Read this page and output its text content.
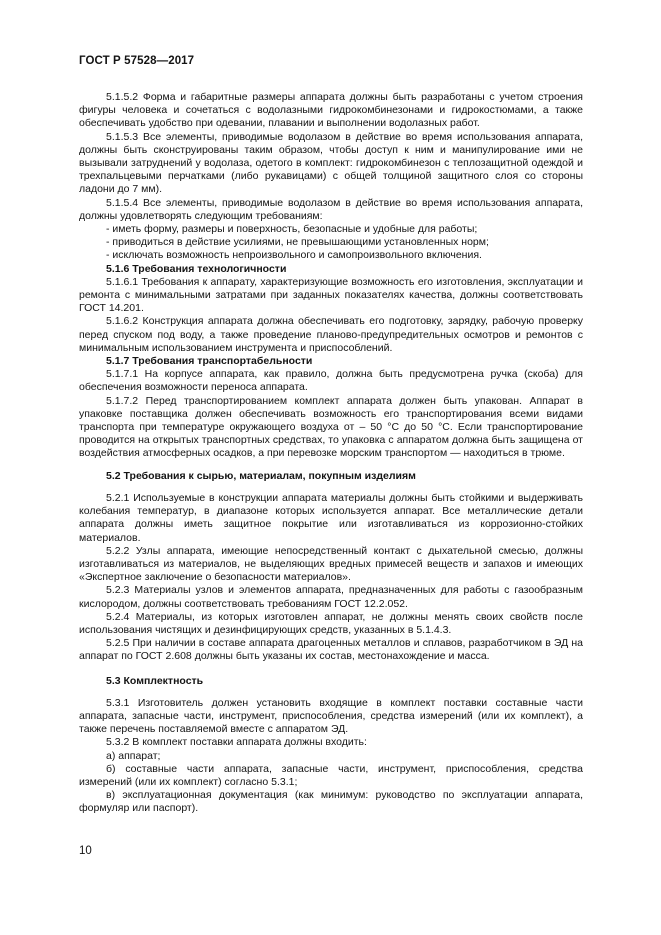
ГОСТ Р 57528—2017

5.1.5.2 Форма и габаритные размеры аппарата должны быть разработаны с учетом строения фигуры человека и сочетаться с водолазными гидрокомбинезонами и гидрокостюмами, а также обеспечивать удобство при одевании, плавании и выполнении водолазных работ.

5.1.5.3 Все элементы, приводимые водолазом в действие во время использования аппарата, должны быть сконструированы таким образом, чтобы доступ к ним и манипулирование ими не вызывали затруднений у водолаза, одетого в комплект: гидрокомбинезон с теплозащитной одеждой и трехпальцевыми перчатками (либо рукавицами) с общей толщиной защитного слоя со стороны ладони до 7 мм).

5.1.5.4 Все элементы, приводимые водолазом в действие во время использования аппарата, должны удовлетворять следующим требованиям:

- иметь форму, размеры и поверхность, безопасные и удобные для работы;

- приводиться в действие усилиями, не превышающими установленных норм;

- исключать возможность непроизвольного и самопроизвольного включения.

5.1.6 Требования технологичности

5.1.6.1 Требования к аппарату, характеризующие возможность его изготовления, эксплуатации и ремонта с минимальными затратами при заданных показателях качества, должны соответствовать ГОСТ 14.201.

5.1.6.2 Конструкция аппарата должна обеспечивать его подготовку, зарядку, рабочую проверку перед спуском под воду, а также проведение планово-предупредительных осмотров и ремонтов с минимальным использованием инструмента и приспособлений.

5.1.7 Требования транспортабельности

5.1.7.1 На корпусе аппарата, как правило, должна быть предусмотрена ручка (скоба) для обеспечения возможности переноса аппарата.

5.1.7.2 Перед транспортированием комплект аппарата должен быть упакован. Аппарат в упаковке поставщика должен обеспечивать возможность его транспортирования всеми видами транспорта при температуре окружающего воздуха от – 50 °С до 50 °С. Если транспортирование проводится на открытых транспортных средствах, то упаковка с аппаратом должна быть защищена от воздействия атмосферных осадков, а при перевозке морским транспортом — находиться в трюме.

5.2 Требования к сырью, материалам, покупным изделиям

5.2.1 Используемые в конструкции аппарата материалы должны быть стойкими и выдерживать колебания температур, в диапазоне которых используется аппарат. Все металлические детали аппарата должны иметь защитное покрытие или изготавливаться из коррозионно-стойких материалов.

5.2.2 Узлы аппарата, имеющие непосредственный контакт с дыхательной смесью, должны изготавливаться из материалов, не выделяющих вредных примесей веществ и запахов и имеющих «Экспертное заключение о безопасности материалов».

5.2.3 Материалы узлов и элементов аппарата, предназначенных для работы с газообразным кислородом, должны соответствовать требованиям ГОСТ 12.2.052.

5.2.4 Материалы, из которых изготовлен аппарат, не должны менять своих свойств после использования чистящих и дезинфицирующих средств, указанных в 5.1.4.3.

5.2.5 При наличии в составе аппарата драгоценных металлов и сплавов, разработчиком в ЭД на аппарат по ГОСТ 2.608 должны быть указаны их состав, местонахождение и масса.

5.3 Комплектность

5.3.1 Изготовитель должен установить входящие в комплект поставки составные части аппарата, запасные части, инструмент, приспособления, средства измерений (или их комплект), а также перечень поставляемой вместе с аппаратом ЭД.

5.3.2 В комплект поставки аппарата должны входить:

а) аппарат;

б) составные части аппарата, запасные части, инструмент, приспособления, средства измерений (или их комплект) согласно 5.3.1;

в) эксплуатационная документация (как минимум: руководство по эксплуатации аппарата, формуляр или паспорт).

10
